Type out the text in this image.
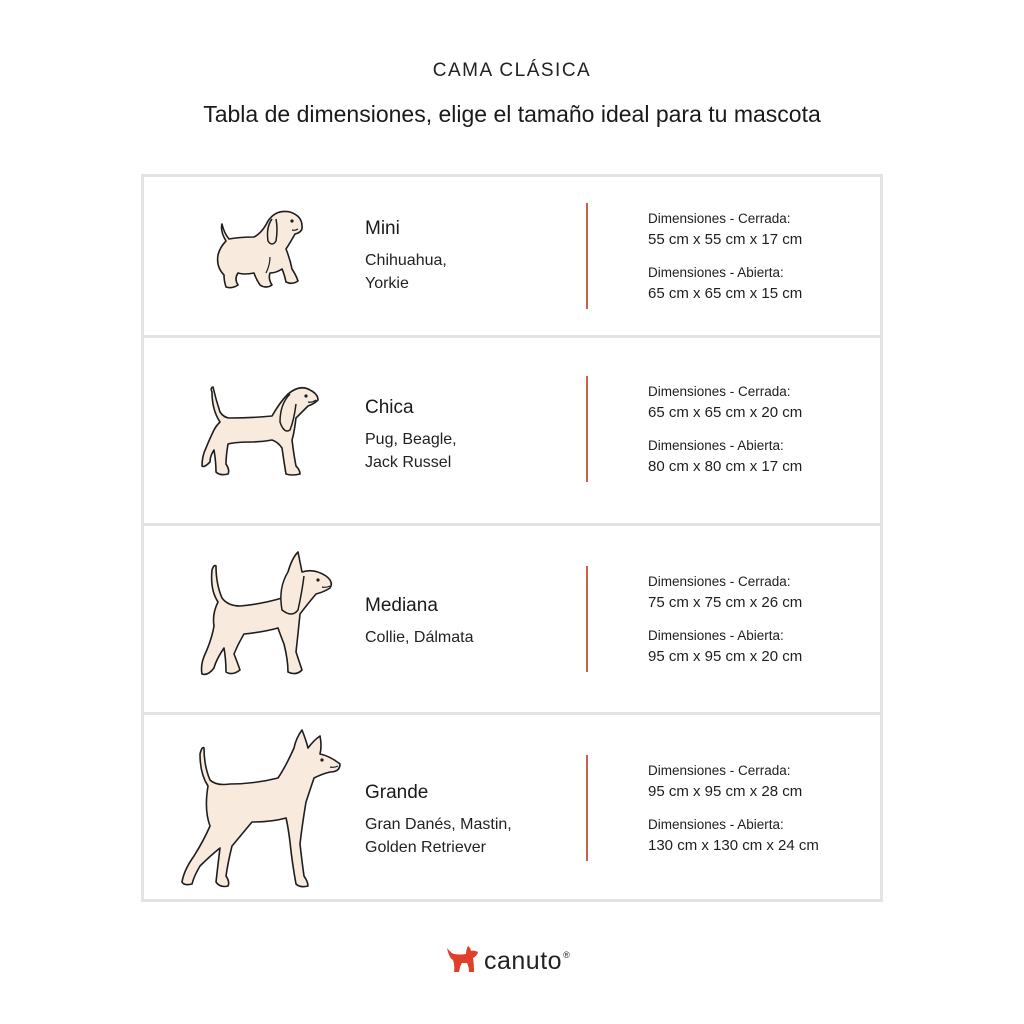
CAMA CLÁSICA
Tabla de dimensiones, elige el tamaño ideal para tu mascota
Mini
Chihuahua,
Yorkie
Dimensiones - Cerrada:
55 cm x 55 cm x 17 cm
Dimensiones - Abierta:
65 cm x 65 cm x 15 cm
Chica
Pug, Beagle,
Jack Russel
Dimensiones - Cerrada:
65 cm x 65 cm x 20 cm
Dimensiones - Abierta:
80 cm x 80 cm x 17 cm
Mediana
Collie, Dálmata
Dimensiones - Cerrada:
75 cm x 75 cm x 26 cm
Dimensiones - Abierta:
95 cm x 95 cm x 20 cm
Grande
Gran Danés, Mastin,
Golden Retriever
Dimensiones - Cerrada:
95 cm x 95 cm x 28 cm
Dimensiones - Abierta:
130 cm x 130 cm x 24 cm
canuto ®
